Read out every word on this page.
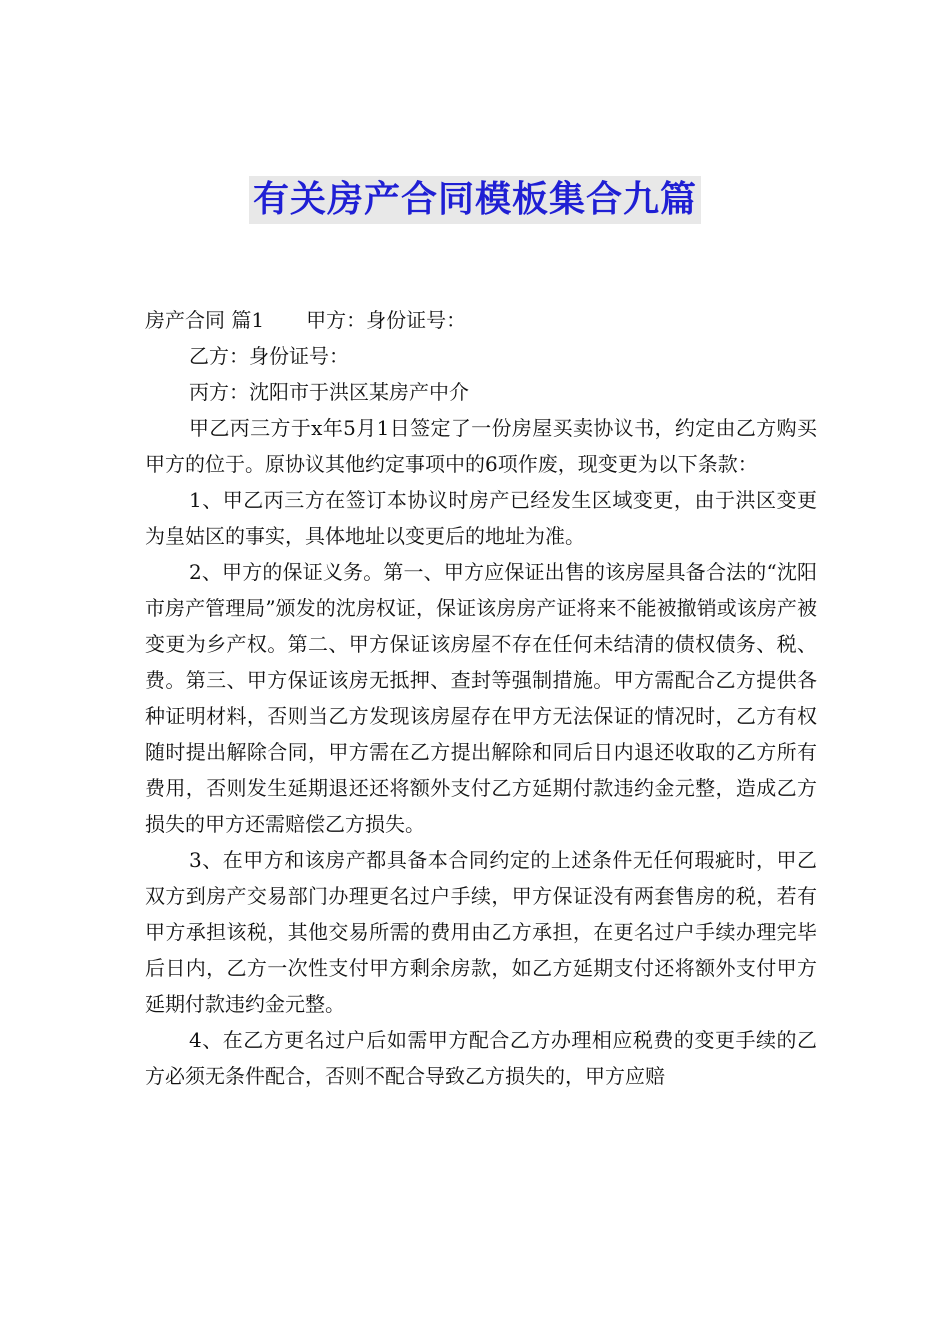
有关房产合同模板集合九篇

房产合同 篇1 甲方：身份证号：

乙方：身份证号：

丙方：沈阳市于洪区某房产中介

甲乙丙三方于x年5月1日签定了一份房屋买卖协议书，约定由乙方购买甲方的位于。原协议其他约定事项中的6项作废，现变更为以下条款：

1、甲乙丙三方在签订本协议时房产已经发生区域变更，由于洪区变更为皇姑区的事实，具体地址以变更后的地址为准。

2、甲方的保证义务。第一、甲方应保证出售的该房屋具备合法的“沈阳市房产管理局”颁发的沈房权证，保证该房房产证将来不能被撤销或该房产被变更为乡产权。第二、甲方保证该房屋不存在任何未结清的债权债务、税、费。第三、甲方保证该房无抵押、查封等强制措施。甲方需配合乙方提供各种证明材料，否则当乙方发现该房屋存在甲方无法保证的情况时，乙方有权随时提出解除合同，甲方需在乙方提出解除和同后日内退还收取的乙方所有费用，否则发生延期退还还将额外支付乙方延期付款违约金元整，造成乙方损失的甲方还需赔偿乙方损失。

3、在甲方和该房产都具备本合同约定的上述条件无任何瑕疵时，甲乙双方到房产交易部门办理更名过户手续，甲方保证没有两套售房的税，若有甲方承担该税，其他交易所需的费用由乙方承担，在更名过户手续办理完毕后日内，乙方一次性支付甲方剩余房款，如乙方延期支付还将额外支付甲方延期付款违约金元整。

4、在乙方更名过户后如需甲方配合乙方办理相应税费的变更手续的乙方必须无条件配合，否则不配合导致乙方损失的，甲方应赔
